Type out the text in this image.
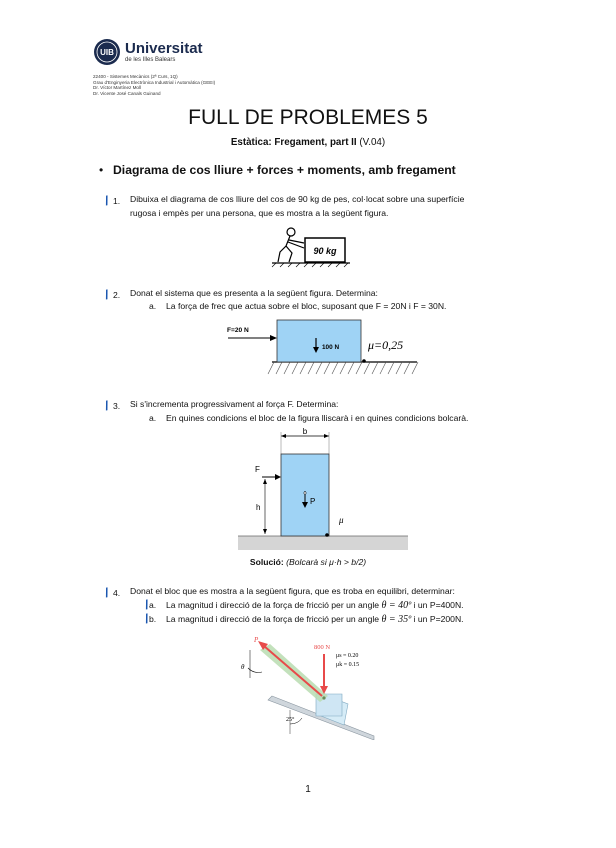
UIB Universitat
de les Illes Balears
22400 - Sistemes Mecànics (2ª Curs, 1Q)
Grau d'Enginyeria Electrònica Industrial i Automàtica (GEEI)
Dr. Víctor Martínez Moll
Dr. Vicente José Canals Guinand
FULL DE PROBLEMES 5
Estàtica: Fregament, part II (V.04)
• Diagrama de cos lliure + forces + moments, amb fregament
/ 1. Dibuixa el diagrama de cos lliure del cos de 90 kg de pes, col·locat sobre una superfície
rugosa i empès per una persona, que es mostra a la següent figura.
90 kg
/ 2. Donat el sistema que es presenta a la següent figura. Determina:
a. La força de frec que actua sobre el bloc, suposant que F = 20N i F = 30N.
F=20 N
100 N μ=0,25
/ 3. Si s'incrementa progressivament al força F. Determina:
a. En quines condicions el bloc de la figura lliscarà i en quines condicions bolcarà.
b
F
h
P
μ
Solució: (Bolcarà si μ·h > b/2)
/ 4. Donat el bloc que es mostra a la següent figura, que es troba en equilibri, determinar:
/ a. La magnitud i direcció de la força de fricció per un angle θ = 40º i un P=400N.
/ b. La magnitud i direcció de la força de fricció per un angle θ = 35º i un P=200N.
P
800 N
θ
μs = 0.20
μk = 0.15
25°
1
